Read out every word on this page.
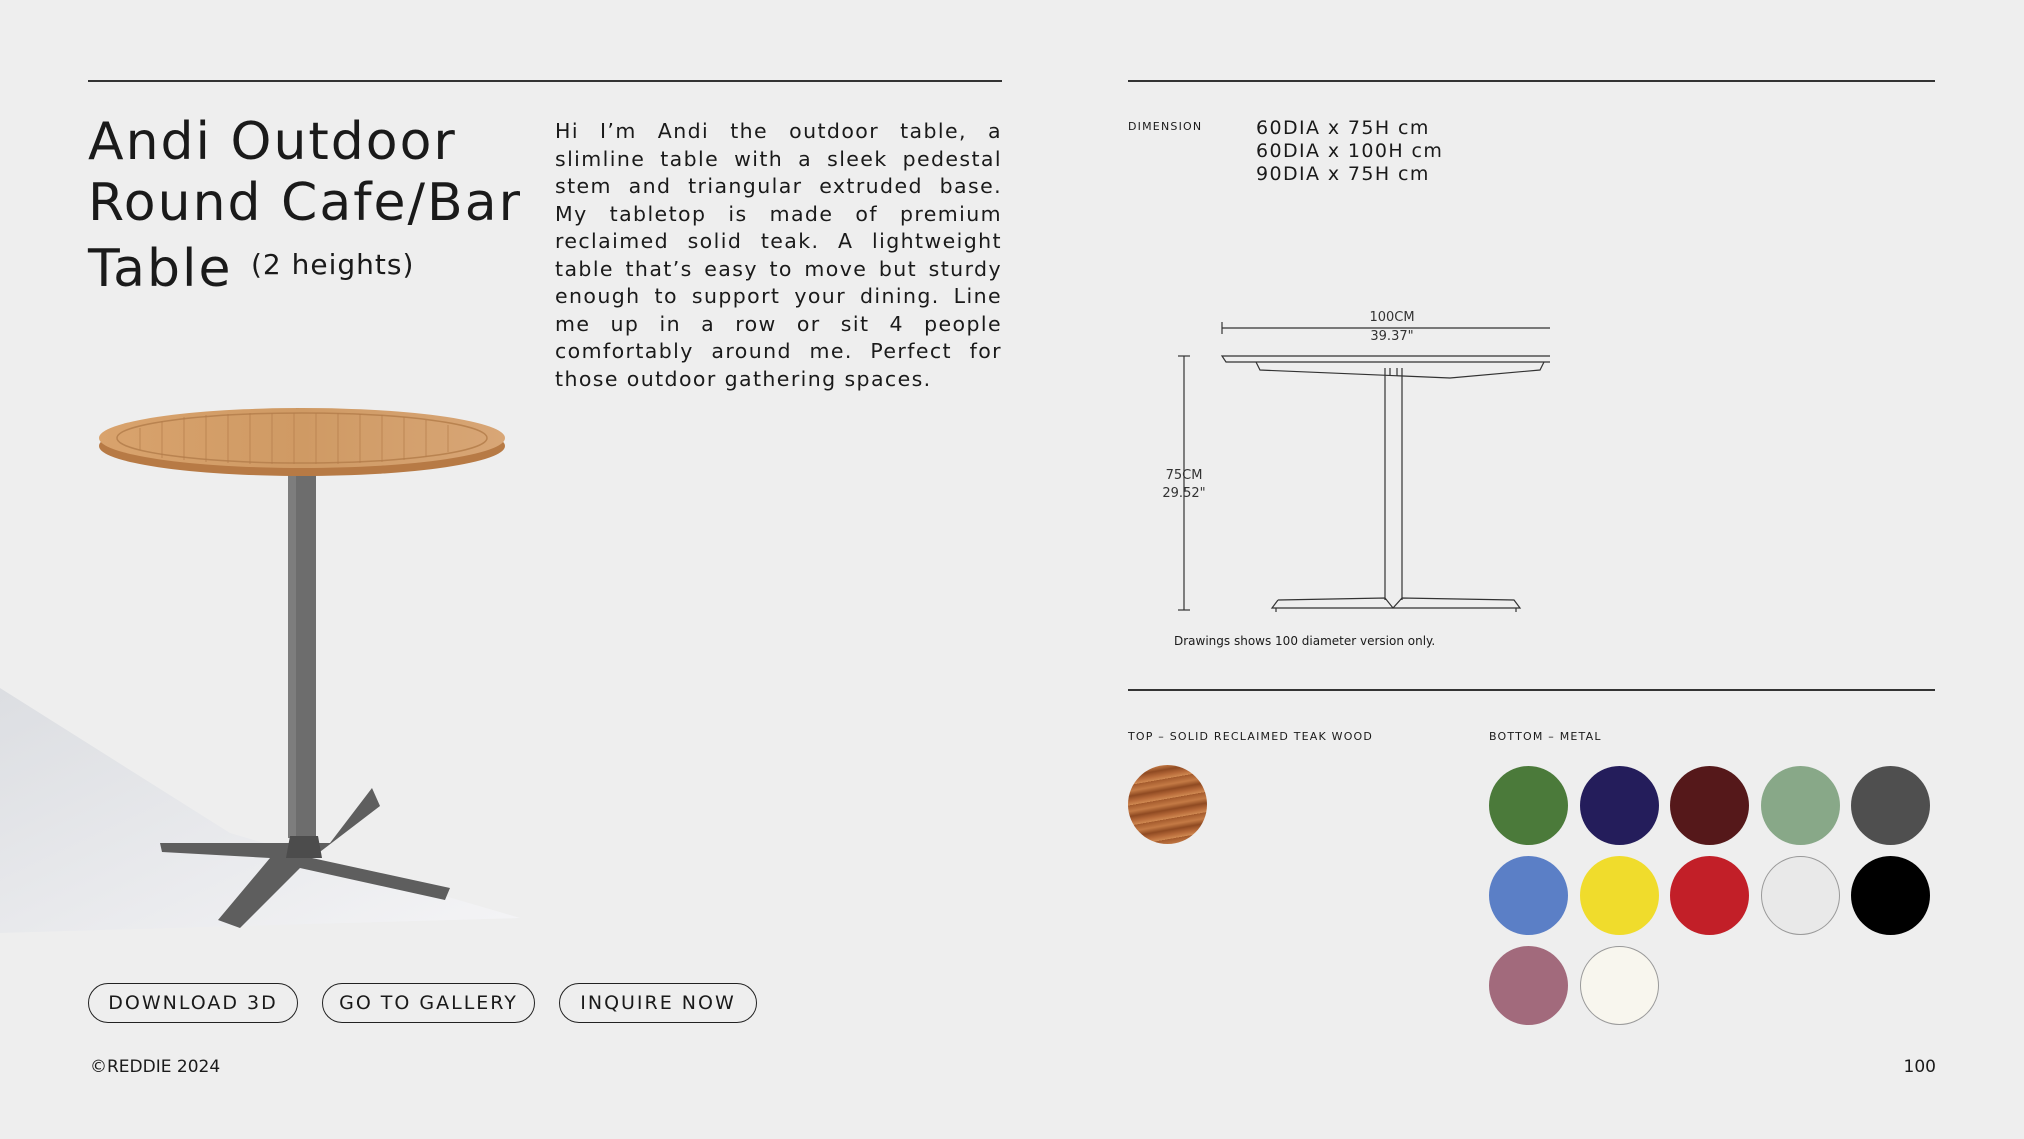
Andi Outdoor Round Cafe/Bar Table $^{(2 heights)}$

Hi I’m Andi the outdoor table, a slimline table with a sleek pedestal stem and triangular extruded base. My tabletop is made of premium reclaimed solid teak. A lightweight table that’s easy to move but sturdy enough to support your dining. Line me up in a row or sit 4 people comfortably around me. Perfect for those outdoor gathering spaces.

DOWNLOAD 3D	GO TO GALLERY	INQUIRE NOW
©REDDIE 2024	100
DIMENSION	60DIA x 75H cm
60DIA x 100H cm
90DIA x 75H cm
100CM
39.37"
75CM
29.52"
Drawings shows 100 diameter version only.
TOP – SOLID RECLAIMED TEAK WOOD	BOTTOM – METAL
